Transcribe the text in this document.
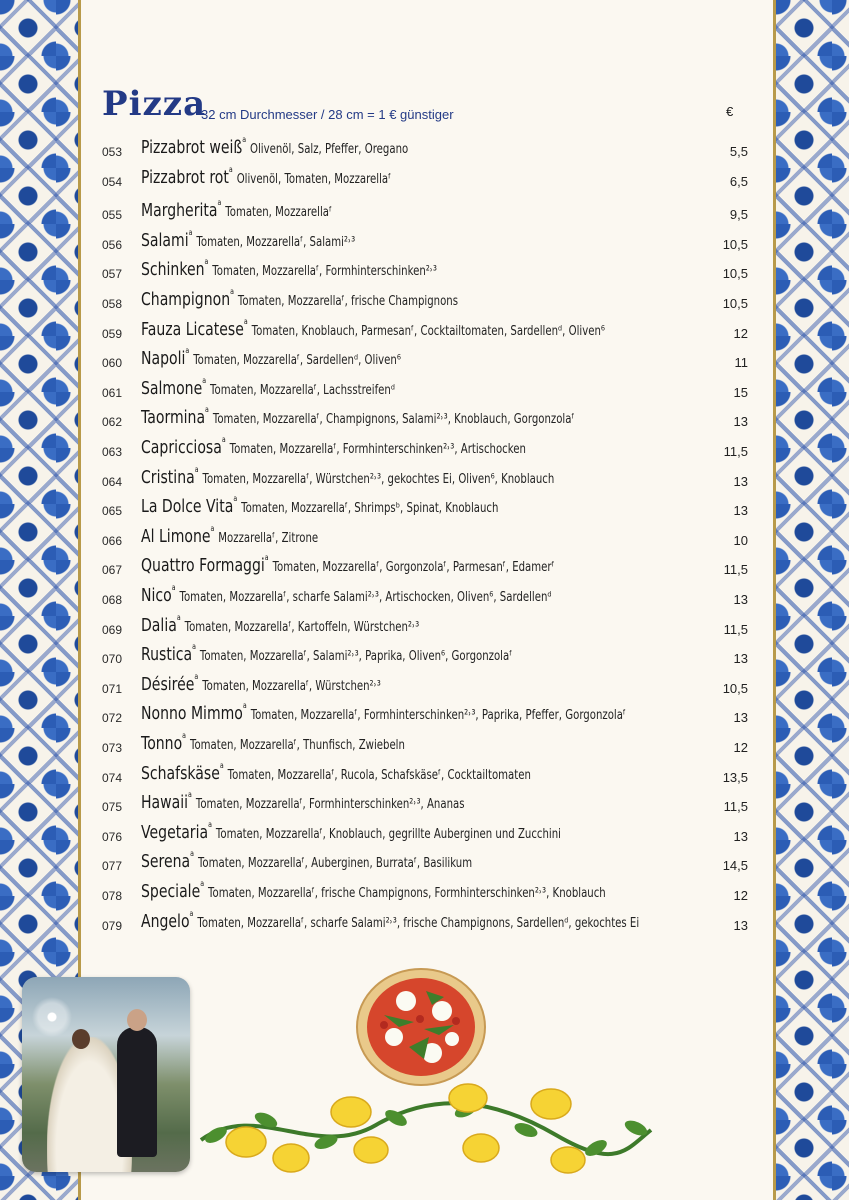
Pizza
32 cm Durchmesser / 28 cm = 1 € günstiger	€
053 Pizzabrot weiß$^a$ Olivenöl, Salz, Pfeffer, Oregano	5,5
054 Pizzabrot rot$^a$ Olivenöl, Tomaten, Mozzarellaᶠ	6,5
055 Margherita$^a$ Tomaten, Mozzarellaᶠ	9,5
056 Salami$^a$ Tomaten, Mozzarellaᶠ, Salami²˒³	10,5
057 Schinken$^a$ Tomaten, Mozzarellaᶠ, Formhinterschinken²˒³	10,5
058 Champignon$^a$ Tomaten, Mozzarellaᶠ, frische Champignons	10,5
059 Fauza Licatese$^a$ Tomaten, Knoblauch, Parmesanᶠ, Cocktailtomaten, Sardellenᵈ, Oliven⁶	12
060 Napoli$^a$ Tomaten, Mozzarellaᶠ, Sardellenᵈ, Oliven⁶	11
061 Salmone$^a$ Tomaten, Mozzarellaᶠ, Lachsstreifenᵈ	15
062 Taormina$^a$ Tomaten, Mozzarellaᶠ, Champignons, Salami²˒³, Knoblauch, Gorgonzolaᶠ	13
063 Capricciosa$^a$ Tomaten, Mozzarellaᶠ, Formhinterschinken²˒³, Artischocken	11,5
064 Cristina$^a$ Tomaten, Mozzarellaᶠ, Würstchen²˒³, gekochtes Ei, Oliven⁶, Knoblauch	13
065 La Dolce Vita$^a$ Tomaten, Mozzarellaᶠ, Shrimpsᵇ, Spinat, Knoblauch	13
066 Al Limone$^a$ Mozzarellaᶠ, Zitrone	10
067 Quattro Formaggi$^a$ Tomaten, Mozzarellaᶠ, Gorgonzolaᶠ, Parmesanᶠ, Edamerᶠ	11,5
068 Nico$^a$ Tomaten, Mozzarellaᶠ, scharfe Salami²˒³, Artischocken, Oliven⁶, Sardellenᵈ	13
069 Dalia$^a$ Tomaten, Mozzarellaᶠ, Kartoffeln, Würstchen²˒³	11,5
070 Rustica$^a$ Tomaten, Mozzarellaᶠ, Salami²˒³, Paprika, Oliven⁶, Gorgonzolaᶠ	13
071 Désirée$^a$ Tomaten, Mozzarellaᶠ, Würstchen²˒³	10,5
072 Nonno Mimmo$^a$ Tomaten, Mozzarellaᶠ, Formhinterschinken²˒³, Paprika, Pfeffer, Gorgonzolaᶠ	13
073 Tonno$^a$ Tomaten, Mozzarellaᶠ, Thunfisch, Zwiebeln	12
074 Schafskäse$^a$ Tomaten, Mozzarellaᶠ, Rucola, Schafskäseᶠ, Cocktailtomaten	13,5
075 Hawaii$^a$ Tomaten, Mozzarellaᶠ, Formhinterschinken²˒³, Ananas	11,5
076 Vegetaria$^a$ Tomaten, Mozzarellaᶠ, Knoblauch, gegrillte Auberginen und Zucchini	13
077 Serena$^a$ Tomaten, Mozzarellaᶠ, Auberginen, Burrataᶠ, Basilikum	14,5
078 Speciale$^a$ Tomaten, Mozzarellaᶠ, frische Champignons, Formhinterschinken²˒³, Knoblauch	12
079 Angelo$^a$ Tomaten, Mozzarellaᶠ, scharfe Salami²˒³, frische Champignons, Sardellenᵈ, gekochtes Ei	13
